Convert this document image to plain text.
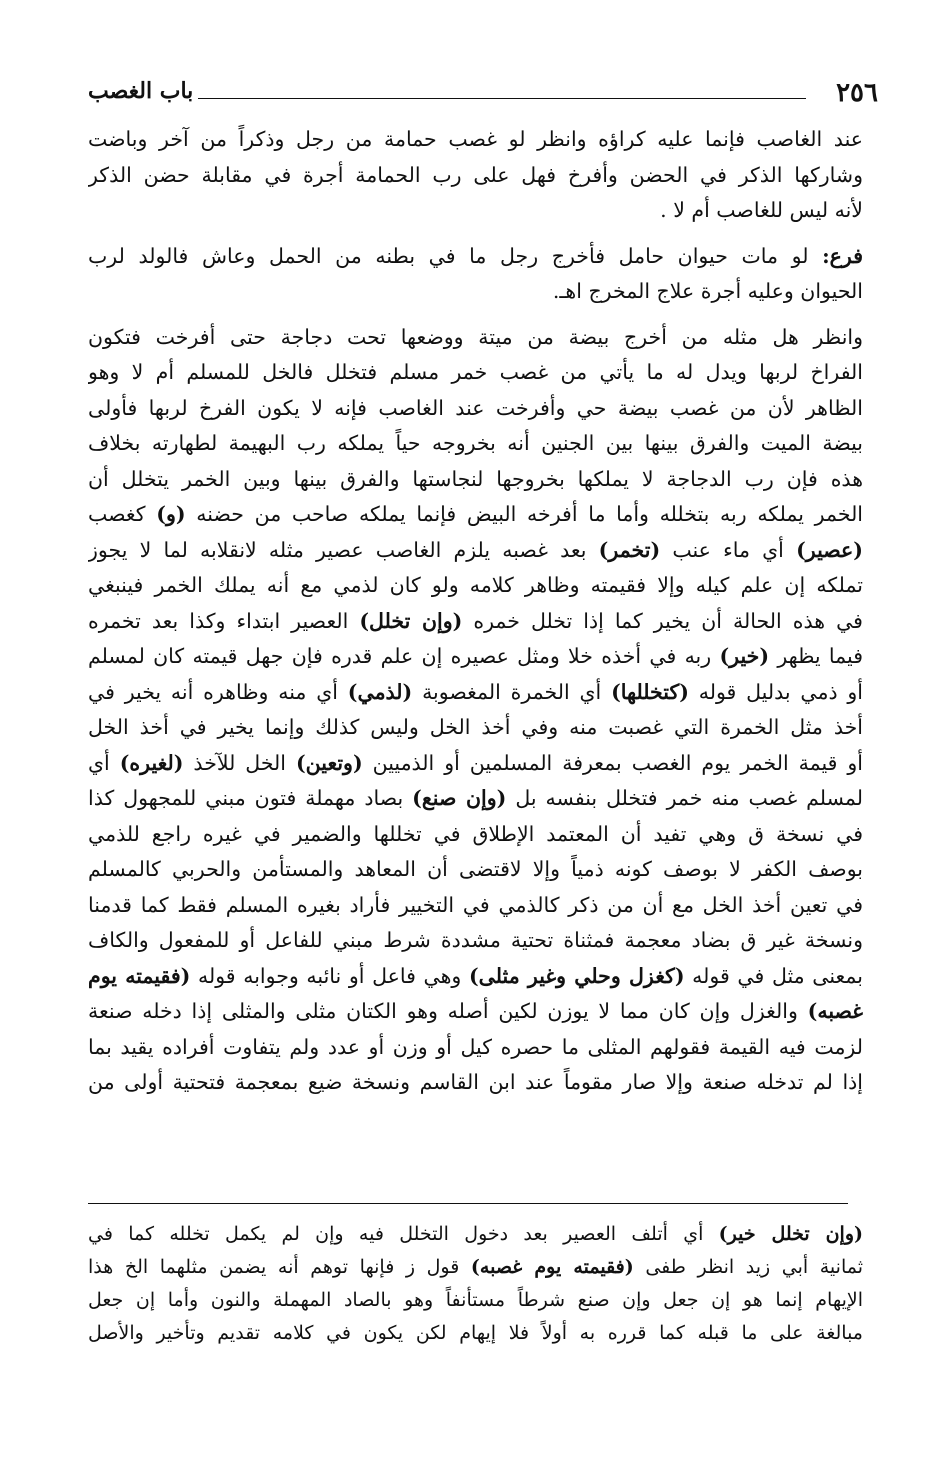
٢٥٦
باب الغصب
عند الغاصب فإنما عليه كراؤه وانظر لو غصب حمامة من رجل وذكراً من آخر وباضت
وشاركها الذكر في الحضن وأفرخ فهل على رب الحمامة أجرة في مقابلة حضن الذكر
لأنه ليس للغاصب أم لا .
فرع: لو مات حيوان حامل فأخرج رجل ما في بطنه من الحمل وعاش فالولد لرب
الحيوان وعليه أجرة علاج المخرج اهـ.
وانظر هل مثله من أخرج بيضة من ميتة ووضعها تحت دجاجة حتى أفرخت فتكون
الفراخ لربها ويدل له ما يأتي من غصب خمر مسلم فتخلل فالخل للمسلم أم لا وهو
الظاهر لأن من غصب بيضة حي وأفرخت عند الغاصب فإنه لا يكون الفرخ لربها فأولى
بيضة الميت والفرق بينها بين الجنين أنه بخروجه حياً يملكه رب البهيمة لطهارته بخلاف
هذه فإن رب الدجاجة لا يملكها بخروجها لنجاستها والفرق بينها وبين الخمر يتخلل أن
الخمر يملكه ربه بتخلله وأما ما أفرخه البيض فإنما يملكه صاحب من حضنه (و) كغصب
(عصير) أي ماء عنب (تخمر) بعد غصبه يلزم الغاصب عصير مثله لانقلابه لما لا يجوز
تملكه إن علم كيله وإلا فقيمته وظاهر كلامه ولو كان لذمي مع أنه يملك الخمر فينبغي
في هذه الحالة أن يخير كما إذا تخلل خمره (وإن تخلل) العصير ابتداء وكذا بعد تخمره
فيما يظهر (خير) ربه في أخذه خلا ومثل عصيره إن علم قدره فإن جهل قيمته كان لمسلم
أو ذمي بدليل قوله (كتخللها) أي الخمرة المغصوبة (لذمي) أي منه وظاهره أنه يخير في
أخذ مثل الخمرة التي غصبت منه وفي أخذ الخل وليس كذلك وإنما يخير في أخذ الخل
أو قيمة الخمر يوم الغصب بمعرفة المسلمين أو الذميين (وتعين) الخل للآخذ (لغيره) أي
لمسلم غصب منه خمر فتخلل بنفسه بل (وإن صنع) بصاد مهملة فتون مبني للمجهول كذا
في نسخة ق وهي تفيد أن المعتمد الإطلاق في تخللها والضمير في غيره راجع للذمي
بوصف الكفر لا بوصف كونه ذمياً وإلا لاقتضى أن المعاهد والمستأمن والحربي كالمسلم
في تعين أخذ الخل مع أن من ذكر كالذمي في التخيير فأراد بغيره المسلم فقط كما قدمنا
ونسخة غير ق بضاد معجمة فمثناة تحتية مشددة شرط مبني للفاعل أو للمفعول والكاف
بمعنى مثل في قوله (كغزل وحلي وغير مثلى) وهي فاعل أو نائبه وجوابه قوله (فقيمته يوم
غصبه) والغزل وإن كان مما لا يوزن لكين أصله وهو الكتان مثلى والمثلى إذا دخله صنعة
لزمت فيه القيمة فقولهم المثلى ما حصره كيل أو وزن أو عدد ولم يتفاوت أفراده يقيد بما
إذا لم تدخله صنعة وإلا صار مقوماً عند ابن القاسم ونسخة ضيع بمعجمة فتحتية أولى من
(وإن تخلل خير) أي أتلف العصير بعد دخول التخلل فيه وإن لم يكمل تخلله كما في
ثمانية أبي زيد انظر طفى (فقيمته يوم غصبه) قول ز فإنها توهم أنه يضمن مثلهما الخ هذا
الإيهام إنما هو إن جعل وإن صنع شرطاً مستأنفاً وهو بالصاد المهملة والنون وأما إن جعل
مبالغة على ما قبله كما قرره به أولاً فلا إيهام لكن يكون في كلامه تقديم وتأخير والأصل
